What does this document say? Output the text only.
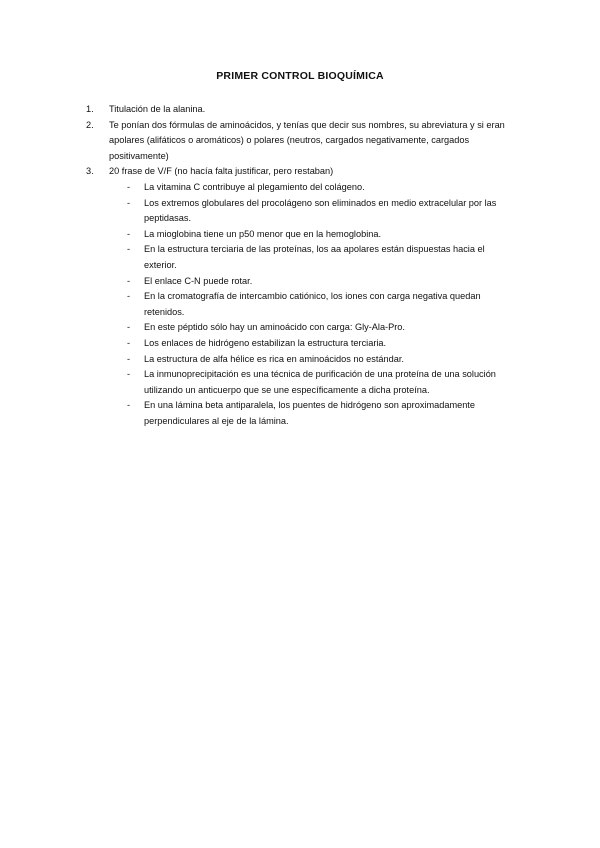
PRIMER CONTROL BIOQUÍMICA
1.	Titulación de la alanina.
2.	Te ponían dos fórmulas de aminoácidos, y tenías que decir sus nombres, su abreviatura y si eran apolares (alifáticos o aromáticos) o polares (neutros, cargados negativamente, cargados positivamente)
3.	20 frase de V/F (no hacía falta justificar, pero restaban)
-	La vitamina C contribuye al plegamiento del colágeno.
-	Los extremos globulares del procolágeno son eliminados en medio extracelular por las peptidasas.
-	La mioglobina tiene un p50 menor que en la hemoglobina.
-	En la estructura terciaria de las proteínas, los aa apolares están dispuestas hacia el exterior.
-	El enlace C-N puede rotar.
-	En la cromatografía de intercambio catiónico, los iones con carga negativa quedan retenidos.
-	En este péptido sólo hay un aminoácido con carga: Gly-Ala-Pro.
-	Los enlaces de hidrógeno estabilizan la estructura terciaria.
-	La estructura de alfa hélice es rica en aminoácidos no estándar.
-	La inmunoprecipitación es una técnica de purificación de una proteína de una solución utilizando un anticuerpo que se une específicamente a dicha proteína.
-	En una lámina beta antiparalela, los puentes de hidrógeno son aproximadamente perpendiculares al eje de la lámina.
